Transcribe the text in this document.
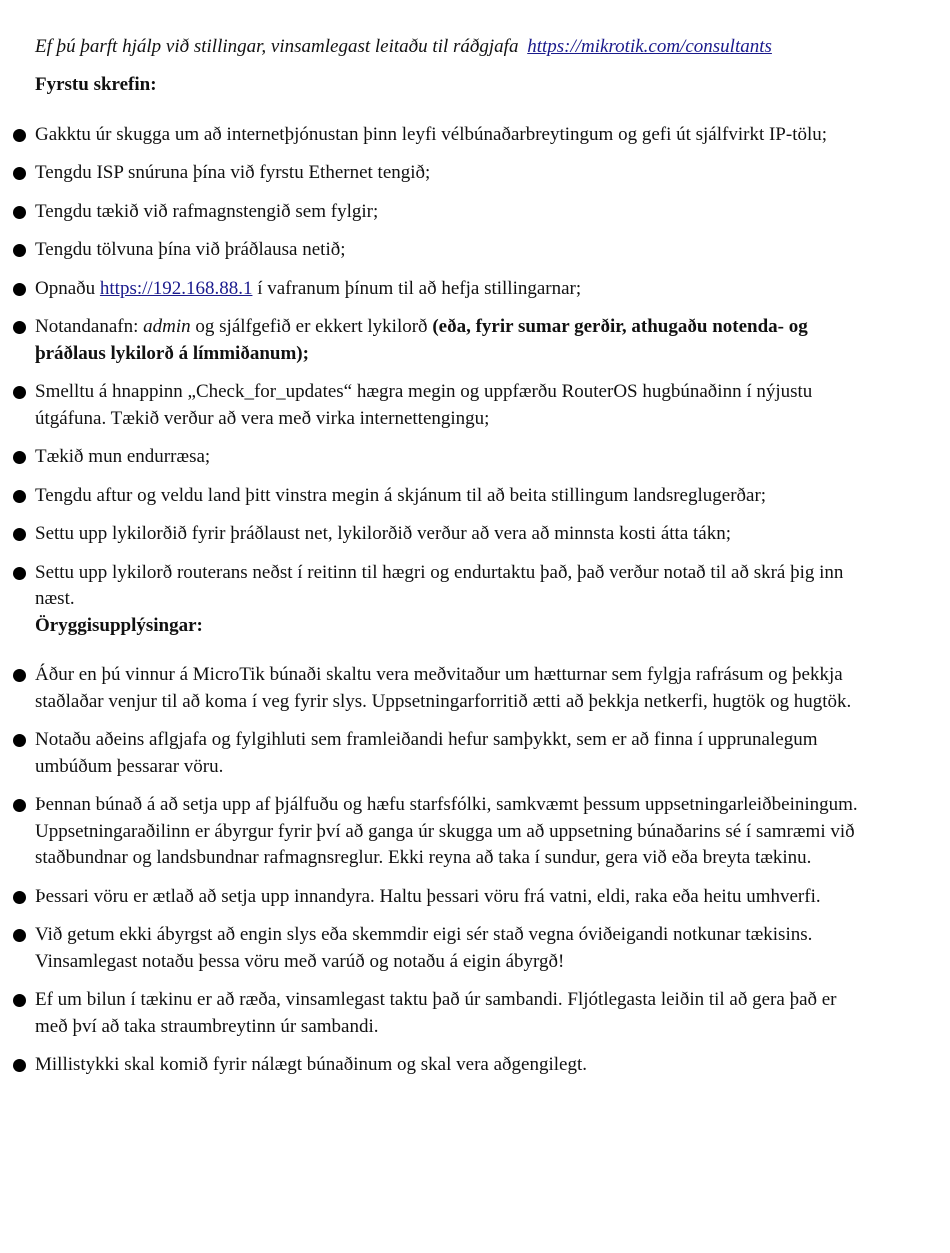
Ef þú þarft hjálp við stillingar, vinsamlegast leitaðu til ráðgjafa https://mikrotik.com/consultants

Fyrstu skrefin:

Gakktu úr skugga um að internetþjónustan þinn leyfi vélbúnaðarbreytingum og gefi út sjálfvirkt IP-tölu;
Tengdu ISP snúruna þína við fyrstu Ethernet tengið;
Tengdu tækið við rafmagnstengið sem fylgir;
Tengdu tölvuna þína við þráðlausa netið;
Opnaðu https://192.168.88.1 í vafranum þínum til að hefja stillingarnar;
Notandanafn: admin og sjálfgefið er ekkert lykilorð (eða, fyrir sumar gerðir, athugaðu notenda- og þráðlaus lykilorð á límmiðanum);
Smelltu á hnappinn „Check_for_updates“ hægra megin og uppfærðu RouterOS hugbúnaðinn í nýjustu útgáfuna. Tækið verður að vera með virka internettengingu;
Tækið mun endurræsa;
Tengdu aftur og veldu land þitt vinstra megin á skjánum til að beita stillingum landsreglugerðar;
Settu upp lykilorðið fyrir þráðlaust net, lykilorðið verður að vera að minnsta kosti átta tákn;
Settu upp lykilorð routerans neðst í reitinn til hægri og endurtaktu það, það verður notað til að skrá þig inn næst.

Öryggisupplýsingar:

Áður en þú vinnur á MicroTik búnaði skaltu vera meðvitaður um hætturnar sem fylgja rafrásum og þekkja staðlaðar venjur til að koma í veg fyrir slys. Uppsetningarforritið ætti að þekkja netkerfi, hugtök og hugtök.
Notaðu aðeins aflgjafa og fylgihluti sem framleiðandi hefur samþykkt, sem er að finna í upprunalegum umbúðum þessarar vöru.
Þennan búnað á að setja upp af þjálfuðu og hæfu starfsfólki, samkvæmt þessum uppsetningarleiðbeiningum. Uppsetningaraðilinn er ábyrgur fyrir því að ganga úr skugga um að uppsetning búnaðarins sé í samræmi við staðbundnar og landsbundnar rafmagnsreglur. Ekki reyna að taka í sundur, gera við eða breyta tækinu.
Þessari vöru er ætlað að setja upp innandyra. Haltu þessari vöru frá vatni, eldi, raka eða heitu umhverfi.
Við getum ekki ábyrgst að engin slys eða skemmdir eigi sér stað vegna óviðeigandi notkunar tækisins. Vinsamlegast notaðu þessa vöru með varúð og notaðu á eigin ábyrgð!
Ef um bilun í tækinu er að ræða, vinsamlegast taktu það úr sambandi. Fljótlegasta leiðin til að gera það er með því að taka straumbreytinn úr sambandi.
Millistykki skal komið fyrir nálægt búnaðinum og skal vera aðgengilegt.
